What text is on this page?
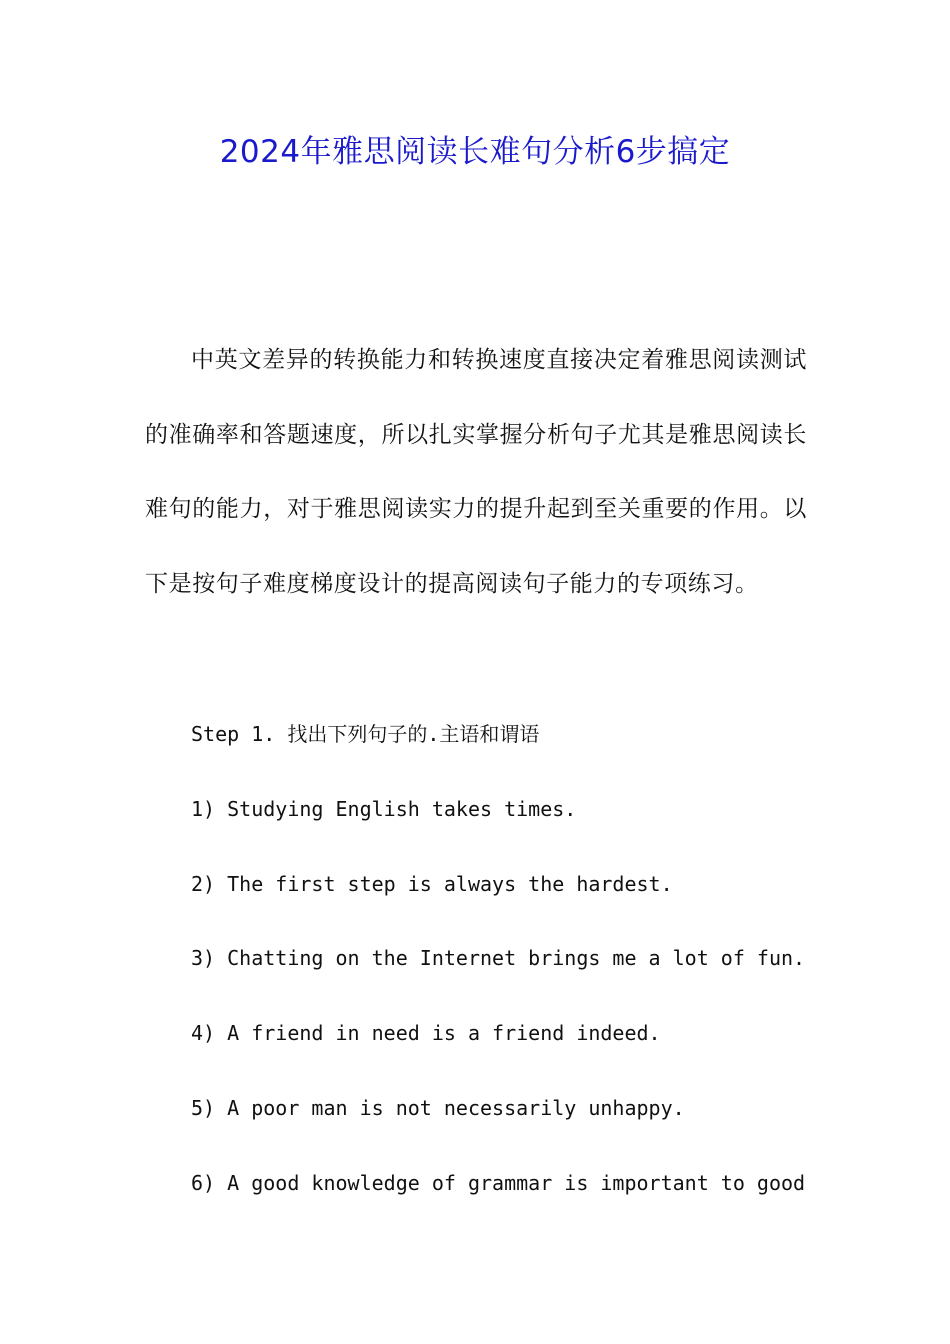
2024年雅思阅读长难句分析6步搞定

中英文差异的转换能力和转换速度直接决定着雅思阅读测试的准确率和答题速度，所以扎实掌握分析句子尤其是雅思阅读长难句的能力，对于雅思阅读实力的提升起到至关重要的作用。以下是按句子难度梯度设计的提高阅读句子能力的专项练习。

Step 1. 找出下列句子的.主语和谓语
1) Studying English takes times.
2) The first step is always the hardest.
3) Chatting on the Internet brings me a lot of fun.
4) A friend in need is a friend indeed.
5) A poor man is not necessarily unhappy.
6) A good knowledge of grammar is important to good
